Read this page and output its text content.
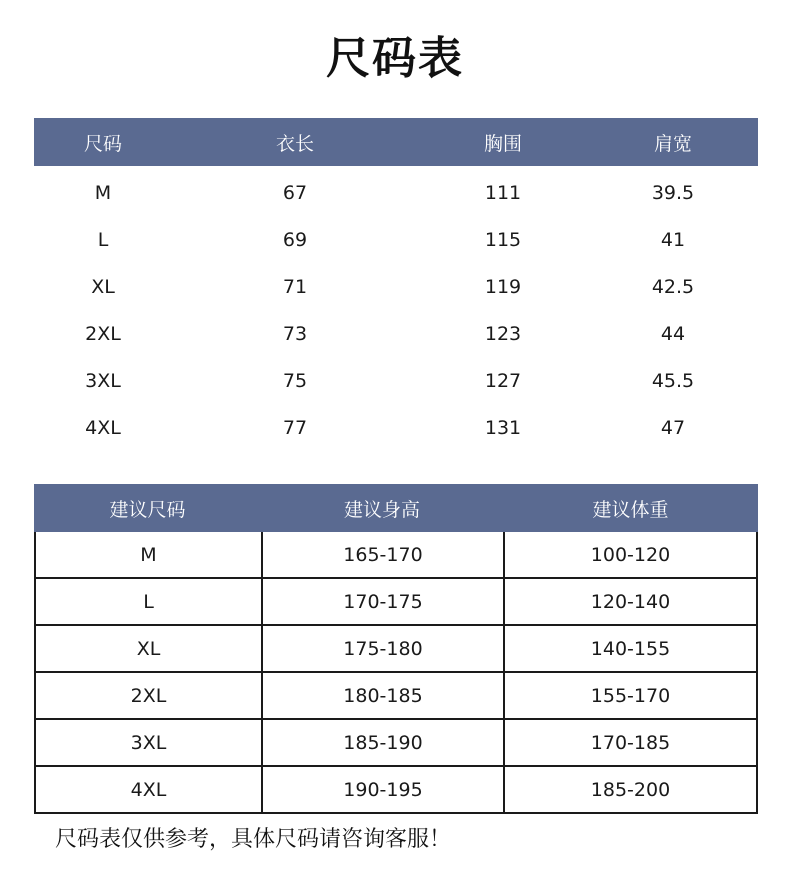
尺码表
尺码	衣长	胸围	肩宽
M	67	111	39.5
L	69	115	41
XL	71	119	42.5
2XL	73	123	44
3XL	75	127	45.5
4XL	77	131	47
建议尺码	建议身高	建议体重
M	165-170	100-120
L	170-175	120-140
XL	175-180	140-155
2XL	180-185	155-170
3XL	185-190	170-185
4XL	190-195	185-200
尺码表仅供参考，具体尺码请咨询客服！
